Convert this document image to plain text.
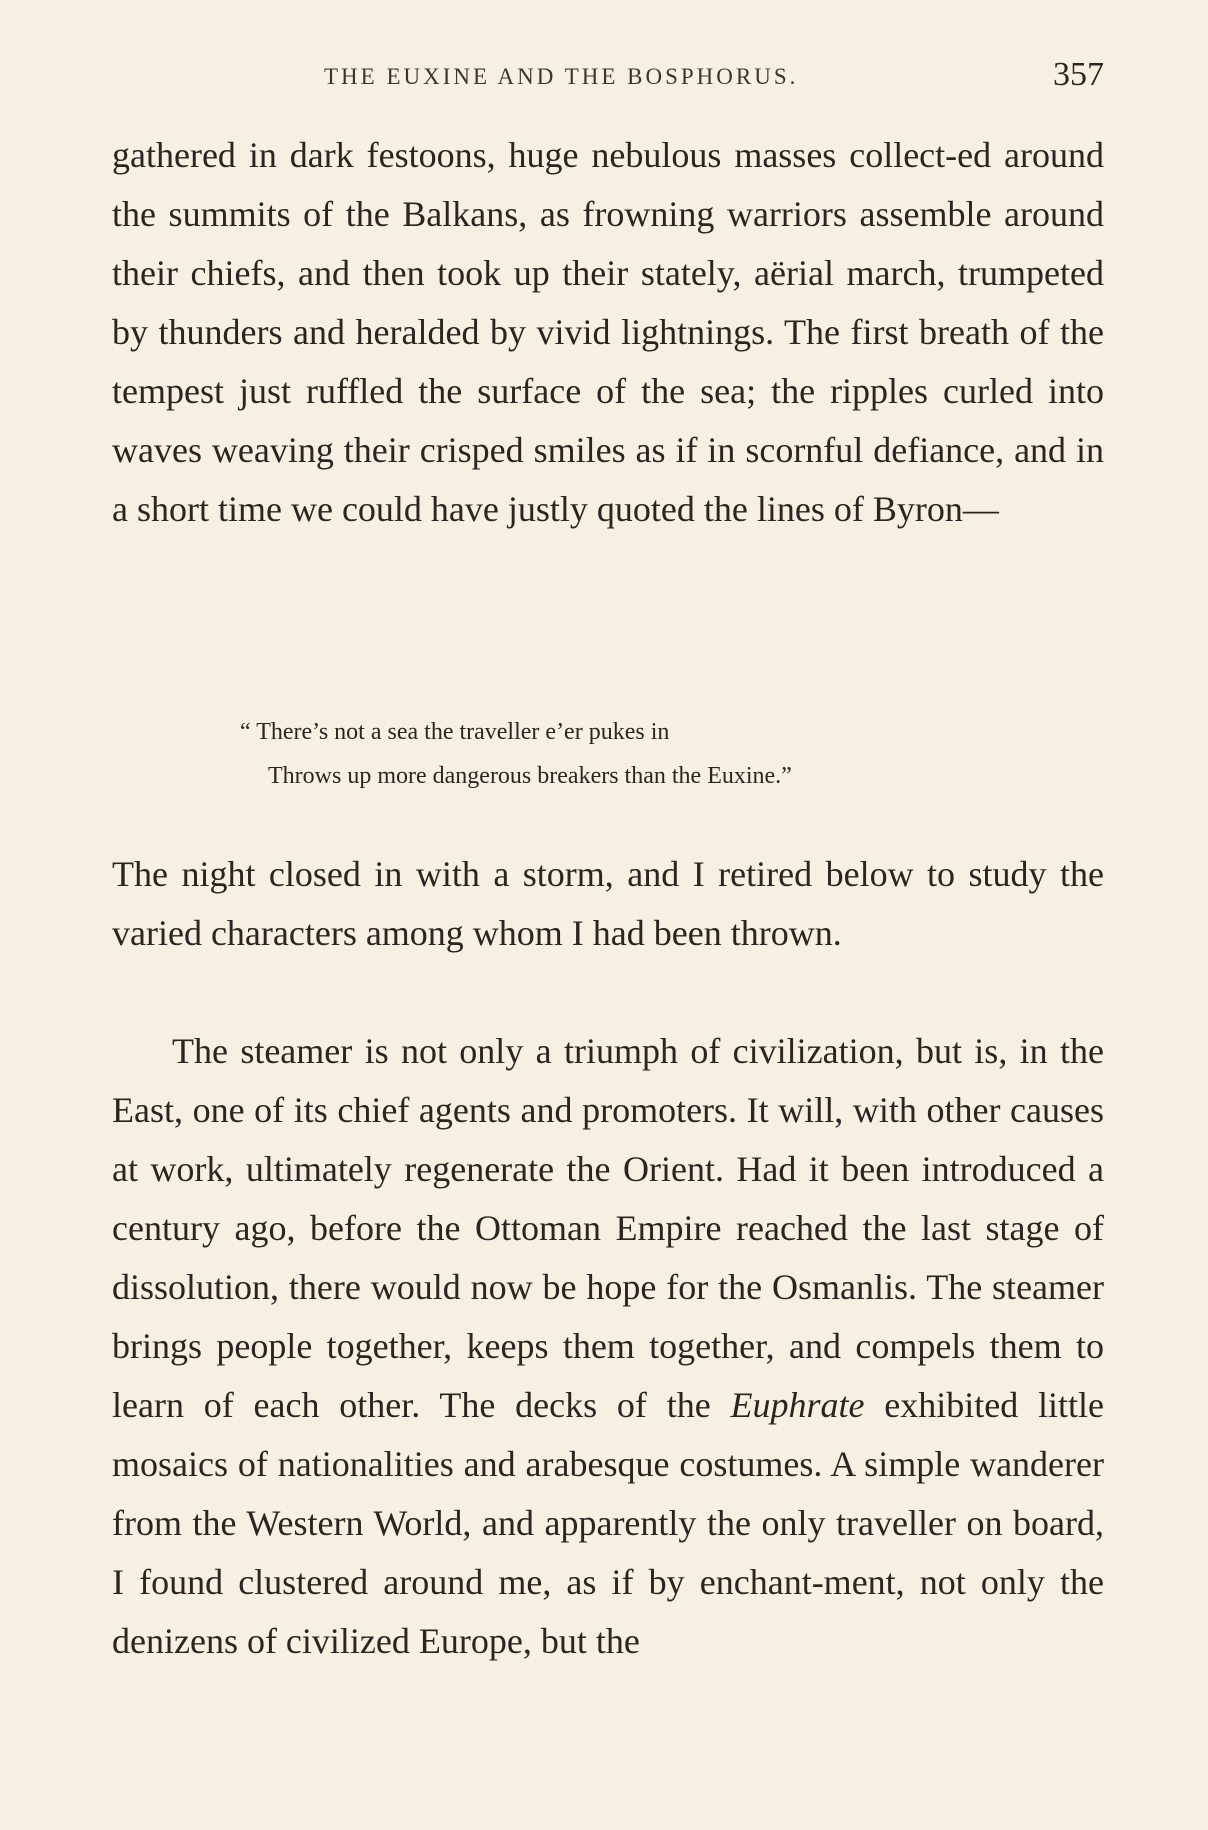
THE EUXINE AND THE BOSPHORUS.	357

gathered in dark festoons, huge nebulous masses collect-ed around the summits of the Balkans, as frowning warriors assemble around their chiefs, and then took up their stately, aërial march, trumpeted by thunders and heralded by vivid lightnings. The first breath of the tempest just ruffled the surface of the sea; the ripples curled into waves weaving their crisped smiles as if in scornful defiance, and in a short time we could have justly quoted the lines of Byron—

“ There’s not a sea the traveller e’er pukes in
Throws up more dangerous breakers than the Euxine.”

The night closed in with a storm, and I retired below to study the varied characters among whom I had been thrown.

The steamer is not only a triumph of civilization, but is, in the East, one of its chief agents and promoters. It will, with other causes at work, ultimately regenerate the Orient. Had it been introduced a century ago, before the Ottoman Empire reached the last stage of dissolution, there would now be hope for the Osmanlis. The steamer brings people together, keeps them together, and compels them to learn of each other. The decks of the Euphrate exhibited little mosaics of nationalities and arabesque costumes. A simple wanderer from the Western World, and apparently the only traveller on board, I found clustered around me, as if by enchant-ment, not only the denizens of civilized Europe, but the
